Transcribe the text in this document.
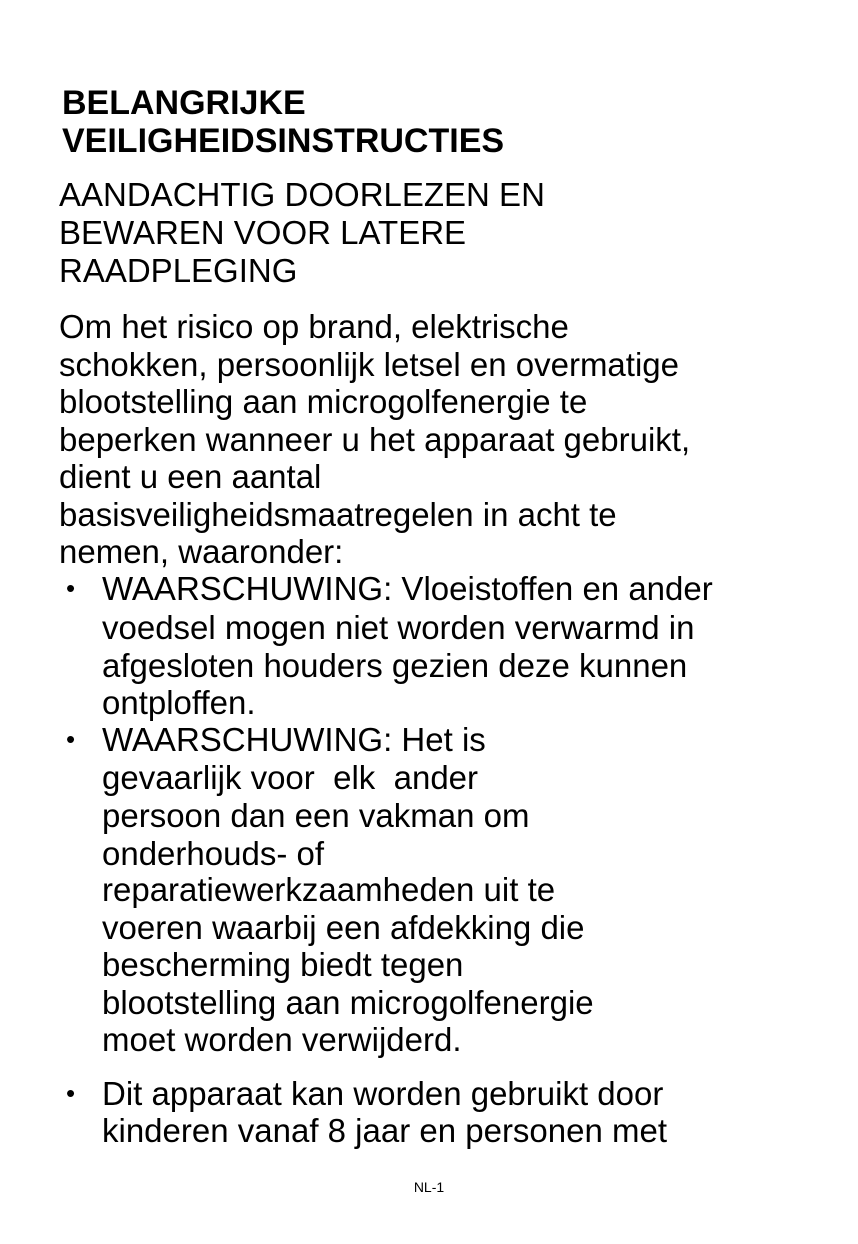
BELANGRIJKE

VEILIGHEIDSINSTRUCTIES

AANDACHTIG DOORLEZEN EN

BEWAREN VOOR LATERE

RAADPLEGING

Om het risico op brand, elektrische

schokken, persoonlijk letsel en overmatige

blootstelling aan microgolfenergie te

beperken wanneer u het apparaat gebruikt,

dient u een aantal

basisveiligheidsmaatregelen in acht te

nemen, waaronder:

• WAARSCHUWING: Vloeistoffen en ander

voedsel mogen niet worden verwarmd in

afgesloten houders gezien deze kunnen

ontploffen.

• WAARSCHUWING: Het is

gevaarlijk voor  elk  ander

persoon dan een vakman om

onderhouds- of

reparatiewerkzaamheden uit te

voeren waarbij een afdekking die

bescherming biedt tegen

blootstelling aan microgolfenergie

moet worden verwijderd.

• Dit apparaat kan worden gebruikt door

kinderen vanaf 8 jaar en personen met

NL-1
